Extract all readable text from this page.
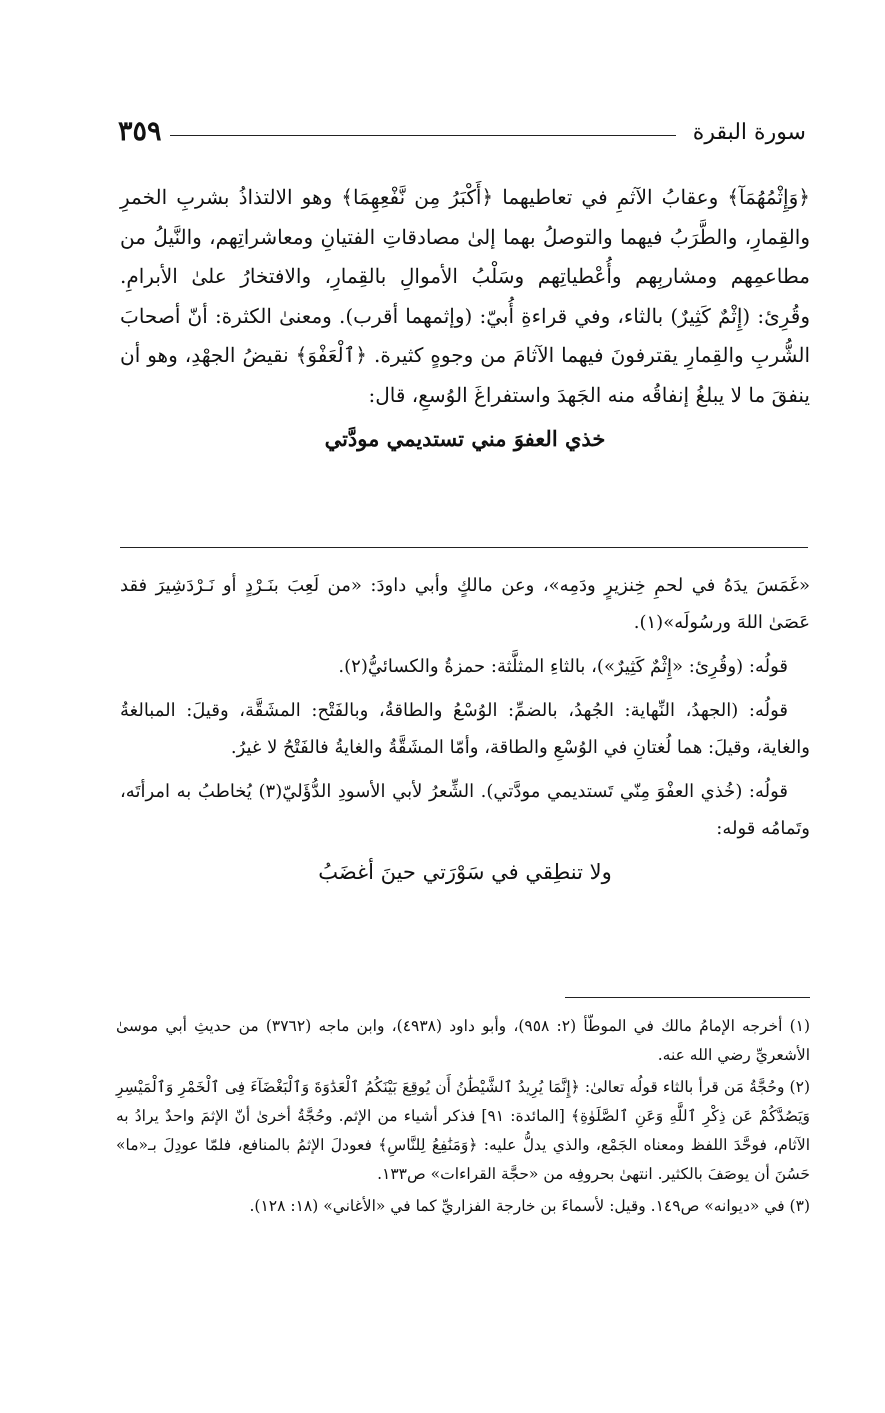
٣٥٩	سورة البقرة

﴿وَإِثْمُهُمَآ﴾ وعقابُ الآثمِ في تعاطيهما ﴿أَكْبَرُ مِن نَّفْعِهِمَا﴾ وهو الالتذاذُ بشربِ الخمرِ والقِمارِ، والطَّرَبُ فيهما والتوصلُ بهما إلىٰ مصادقاتِ الفتيانِ ومعاشراتِهم، والنَّيلُ من مطاعمِهم ومشاربِهم وأُعْطياتِهم وسَلْبُ الأموالِ بالقِمارِ، والافتخارُ علىٰ الأبرامِ. وقُرِئ: (إِثْمٌ كَثِيرٌ) بالثاء، وفي قراءةِ أُبيّ: (وإثمهما أقرب). ومعنىٰ الكثرة: أنّ أصحابَ الشُّربِ والقِمارِ يقترفونَ فيهما الآثامَ من وجوهٍ كثيرة. ﴿ٱلْعَفْوَ﴾ نقيضُ الجهْدِ، وهو أن ينفقَ ما لا يبلغُ إنفاقُه منه الجَهدَ واستفراغَ الوُسعِ، قال:

خذي العفوَ مني تستديمي مودَّتي

«غَمَسَ يدَهُ في لحمِ خِنزيرٍ ودَمِه»، وعن مالكٍ وأبي داودَ: «من لَعِبَ بنَـرْدٍ أو نَـرْدَشِيرَ فقد عَصَىٰ اللهَ ورسُولَه»(١).

قولُه: (وقُرِئ: «إِثْمٌ كَثِيرٌ»)، بالثاءِ المثلَّثة: حمزةُ والكسائيُّ(٢).

قولُه: (الجهدُ، النِّهاية: الجُهدُ، بالضمِّ: الوُسْعُ والطاقةُ، وبالفَتْح: المشَقَّة، وقيلَ: المبالغةُ والغاية، وقيلَ: هما لُغتانِ في الوُسْعِ والطاقة، وأمّا المشَقَّةُ والغايةُ فالفَتْحُ لا غيرُ.

قولُه: (خُذي العفْوَ مِنّي تَستديمي مودَّتي). الشِّعرُ لأبي الأسودِ الدُّؤَليّ(٣) يُخاطبُ به امرأتَه، وتَمامُه قوله:

ولا تنطِقي في سَوْرَتي حينَ أغضَبُ

(١) أخرجه الإمامُ مالك في الموطّأ (٢: ٩٥٨)، وأبو داود (٤٩٣٨)، وابن ماجه (٣٧٦٢) من حديثِ أبي موسىٰ الأشعريِّ رضي الله عنه.

(٢) وحُجَّةُ مَن قرأ بالثاء قولُه تعالىٰ: ﴿إِنَّمَا يُرِيدُ ٱلشَّيْطَٰنُ أَن يُوقِعَ بَيْنَكُمُ ٱلْعَدَٰوَةَ وَٱلْبَغْضَآءَ فِى ٱلْخَمْرِ وَٱلْمَيْسِرِ وَيَصُدَّكُمْ عَن ذِكْرِ ٱللَّهِ وَعَنِ ٱلصَّلَوٰةِ﴾ [المائدة: ٩١] فذكر أشياء من الإثم. وحُجَّةُ أخرىٰ أنّ الإثمَ واحدٌ يرادُ به الآثام، فوحَّدَ اللفظ ومعناه الجَمْع، والذي يدلُّ عليه: ﴿وَمَنَٰفِعُ لِلنَّاسِ﴾ فعودلَ الإثمُ بالمنافع، فلمّا عودِلَ بـ«ما» حَسُنَ أن يوصَفَ بالكثير. انتهىٰ بحروفِه من «حجَّة القراءات» ص١٣٣.

(٣) في «ديوانه» ص١٤٩. وقيل: لأسماءَ بن خارجة الفزاريِّ كما في «الأغاني» (١٨: ١٢٨).
